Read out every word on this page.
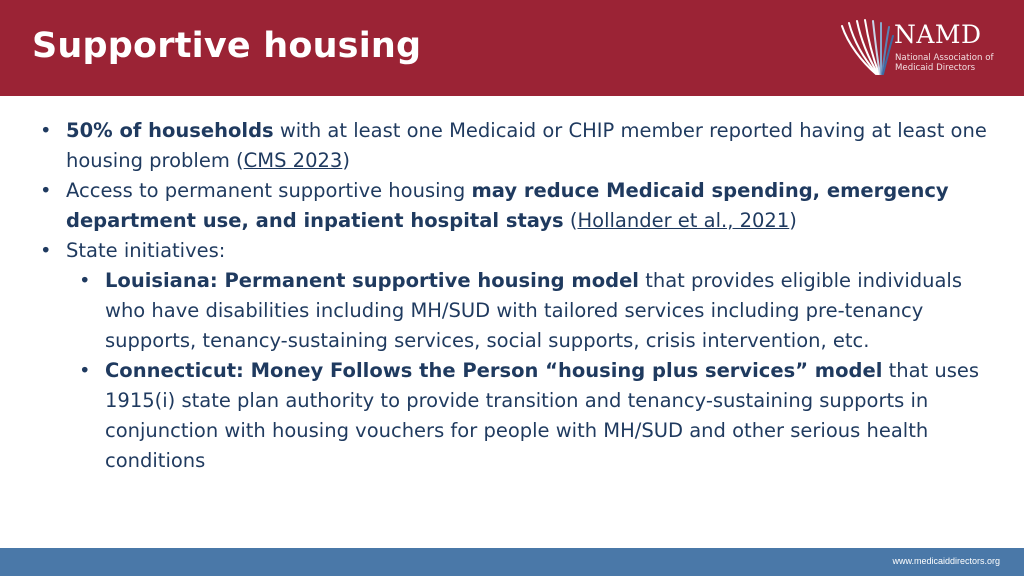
Supportive housing	NAMD
National Association of
Medicaid Directors
• 50% of households with at least one Medicaid or CHIP member reported having at least one housing problem (CMS 2023)
• Access to permanent supportive housing may reduce Medicaid spending, emergency department use, and inpatient hospital stays (Hollander et al., 2021)
• State initiatives:
• Louisiana: Permanent supportive housing model that provides eligible individuals who have disabilities including MH/SUD with tailored services including pre-tenancy supports, tenancy-sustaining services, social supports, crisis intervention, etc.
• Connecticut: Money Follows the Person “housing plus services” model that uses 1915(i) state plan authority to provide transition and tenancy-sustaining supports in conjunction with housing vouchers for people with MH/SUD and other serious health conditions
www.medicaiddirectors.org
